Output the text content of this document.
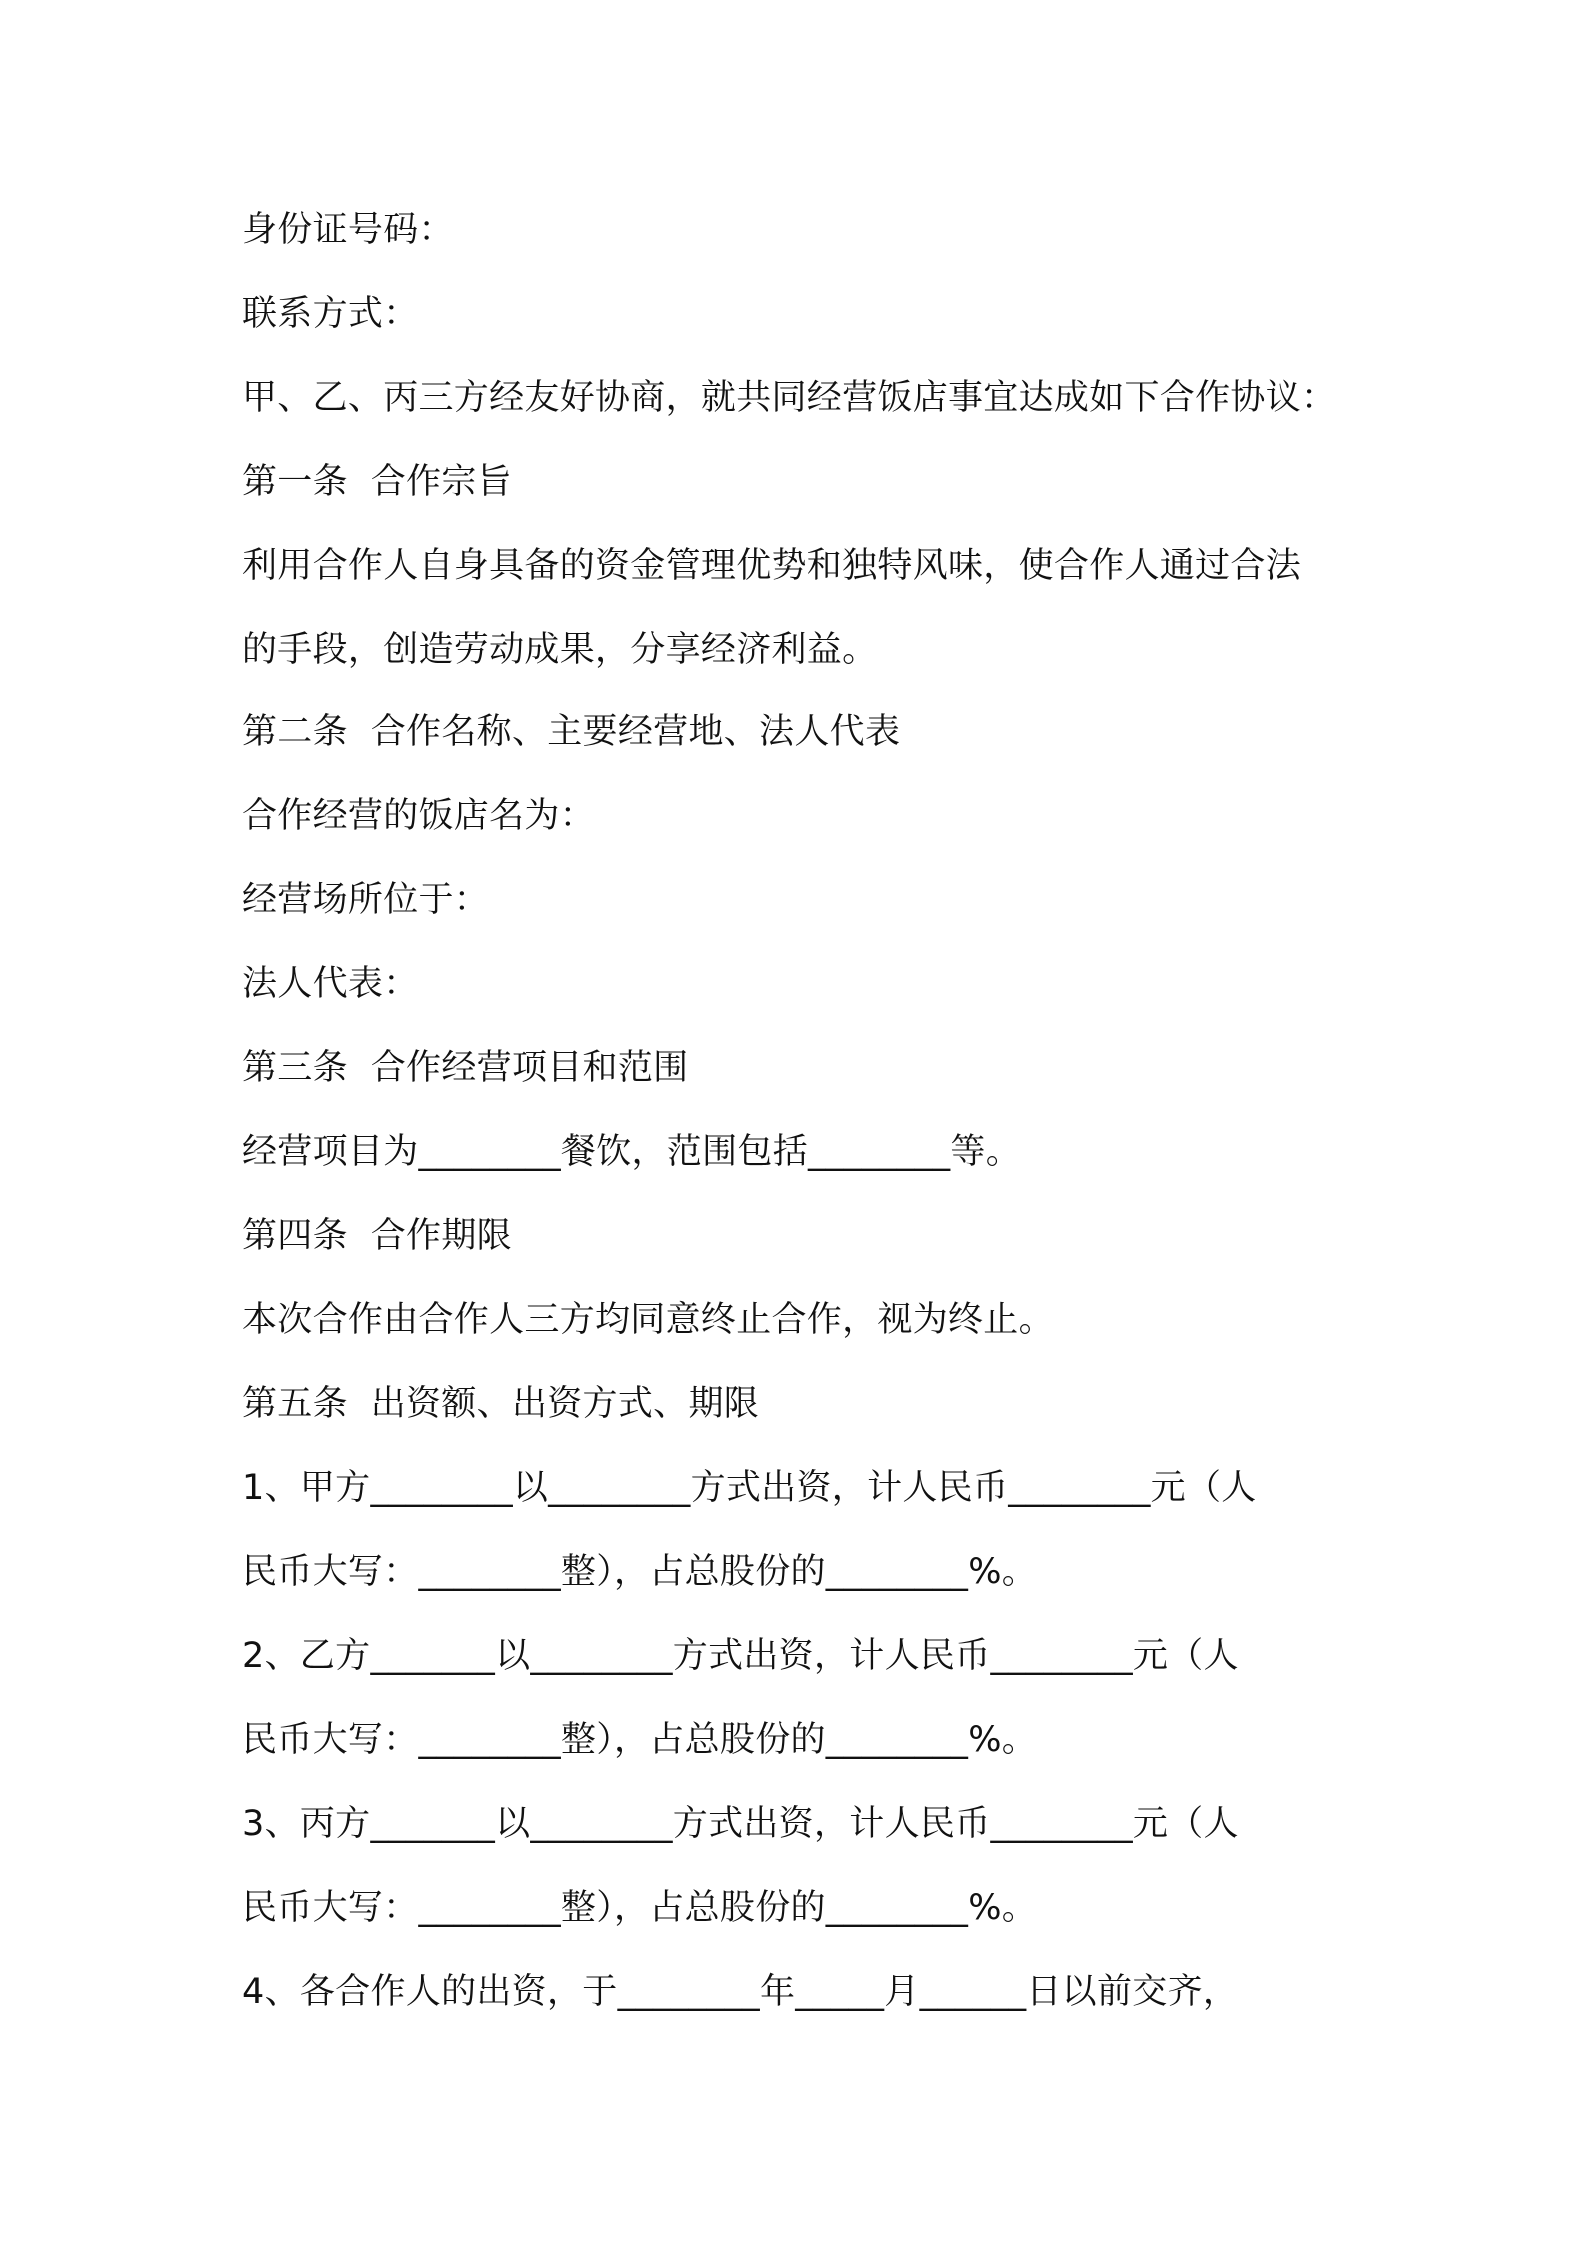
身份证号码：
联系方式：
甲、乙、丙三方经友好协商，就共同经营饭店事宜达成如下合作协议：
第一条  合作宗旨
利用合作人自身具备的资金管理优势和独特风味，使合作人通过合法
的手段，创造劳动成果，分享经济利益。
第二条  合作名称、主要经营地、法人代表
合作经营的饭店名为：
经营场所位于：
法人代表：
第三条  合作经营项目和范围
经营项目为________餐饮，范围包括________等。
第四条  合作期限
本次合作由合作人三方均同意终止合作，视为终止。
第五条  出资额、出资方式、期限
1、甲方________以________方式出资，计人民币________元（人
民币大写：________整），占总股份的________%。
2、乙方_______以________方式出资，计人民币________元（人
民币大写：________整），占总股份的________%。
3、丙方_______以________方式出资，计人民币________元（人
民币大写：________整），占总股份的________%。
4、各合作人的出资，于________年_____月______日以前交齐，
